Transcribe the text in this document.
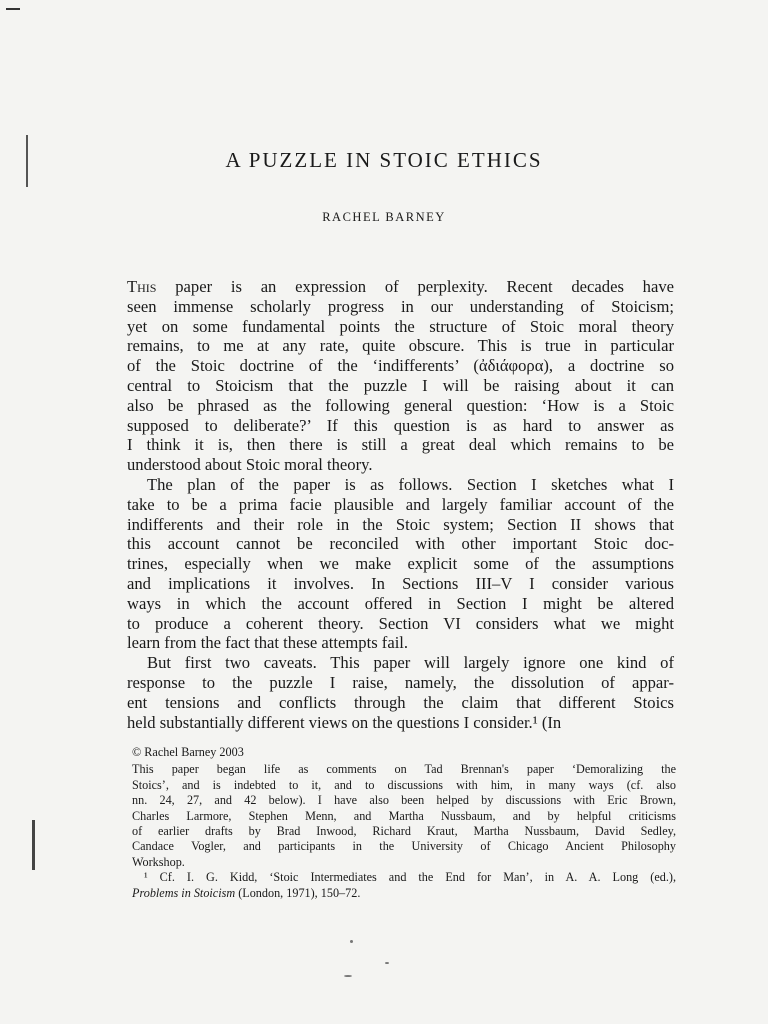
A PUZZLE IN STOIC ETHICS
RACHEL BARNEY
This paper is an expression of perplexity. Recent decades have
seen immense scholarly progress in our understanding of Stoicism;
yet on some fundamental points the structure of Stoic moral theory
remains, to me at any rate, quite obscure. This is true in particular
of the Stoic doctrine of the ‘indifferents’ (ἀδιάφορα), a doctrine so
central to Stoicism that the puzzle I will be raising about it can
also be phrased as the following general question: ‘How is a Stoic
supposed to deliberate?’ If this question is as hard to answer as
I think it is, then there is still a great deal which remains to be
understood about Stoic moral theory.
The plan of the paper is as follows. Section I sketches what I
take to be a prima facie plausible and largely familiar account of the
indifferents and their role in the Stoic system; Section II shows that
this account cannot be reconciled with other important Stoic doc-
trines, especially when we make explicit some of the assumptions
and implications it involves. In Sections III–V I consider various
ways in which the account offered in Section I might be altered
to produce a coherent theory. Section VI considers what we might
learn from the fact that these attempts fail.
But first two caveats. This paper will largely ignore one kind of
response to the puzzle I raise, namely, the dissolution of appar-
ent tensions and conflicts through the claim that different Stoics
held substantially different views on the questions I consider.¹ (In
© Rachel Barney 2003
This paper began life as comments on Tad Brennan's paper ‘Demoralizing the
Stoics’, and is indebted to it, and to discussions with him, in many ways (cf. also
nn. 24, 27, and 42 below). I have also been helped by discussions with Eric Brown,
Charles Larmore, Stephen Menn, and Martha Nussbaum, and by helpful criticisms
of earlier drafts by Brad Inwood, Richard Kraut, Martha Nussbaum, David Sedley,
Candace Vogler, and participants in the University of Chicago Ancient Philosophy
Workshop.
¹ Cf. I. G. Kidd, ‘Stoic Intermediates and the End for Man’, in A. A. Long (ed.),
Problems in Stoicism (London, 1971), 150–72.
